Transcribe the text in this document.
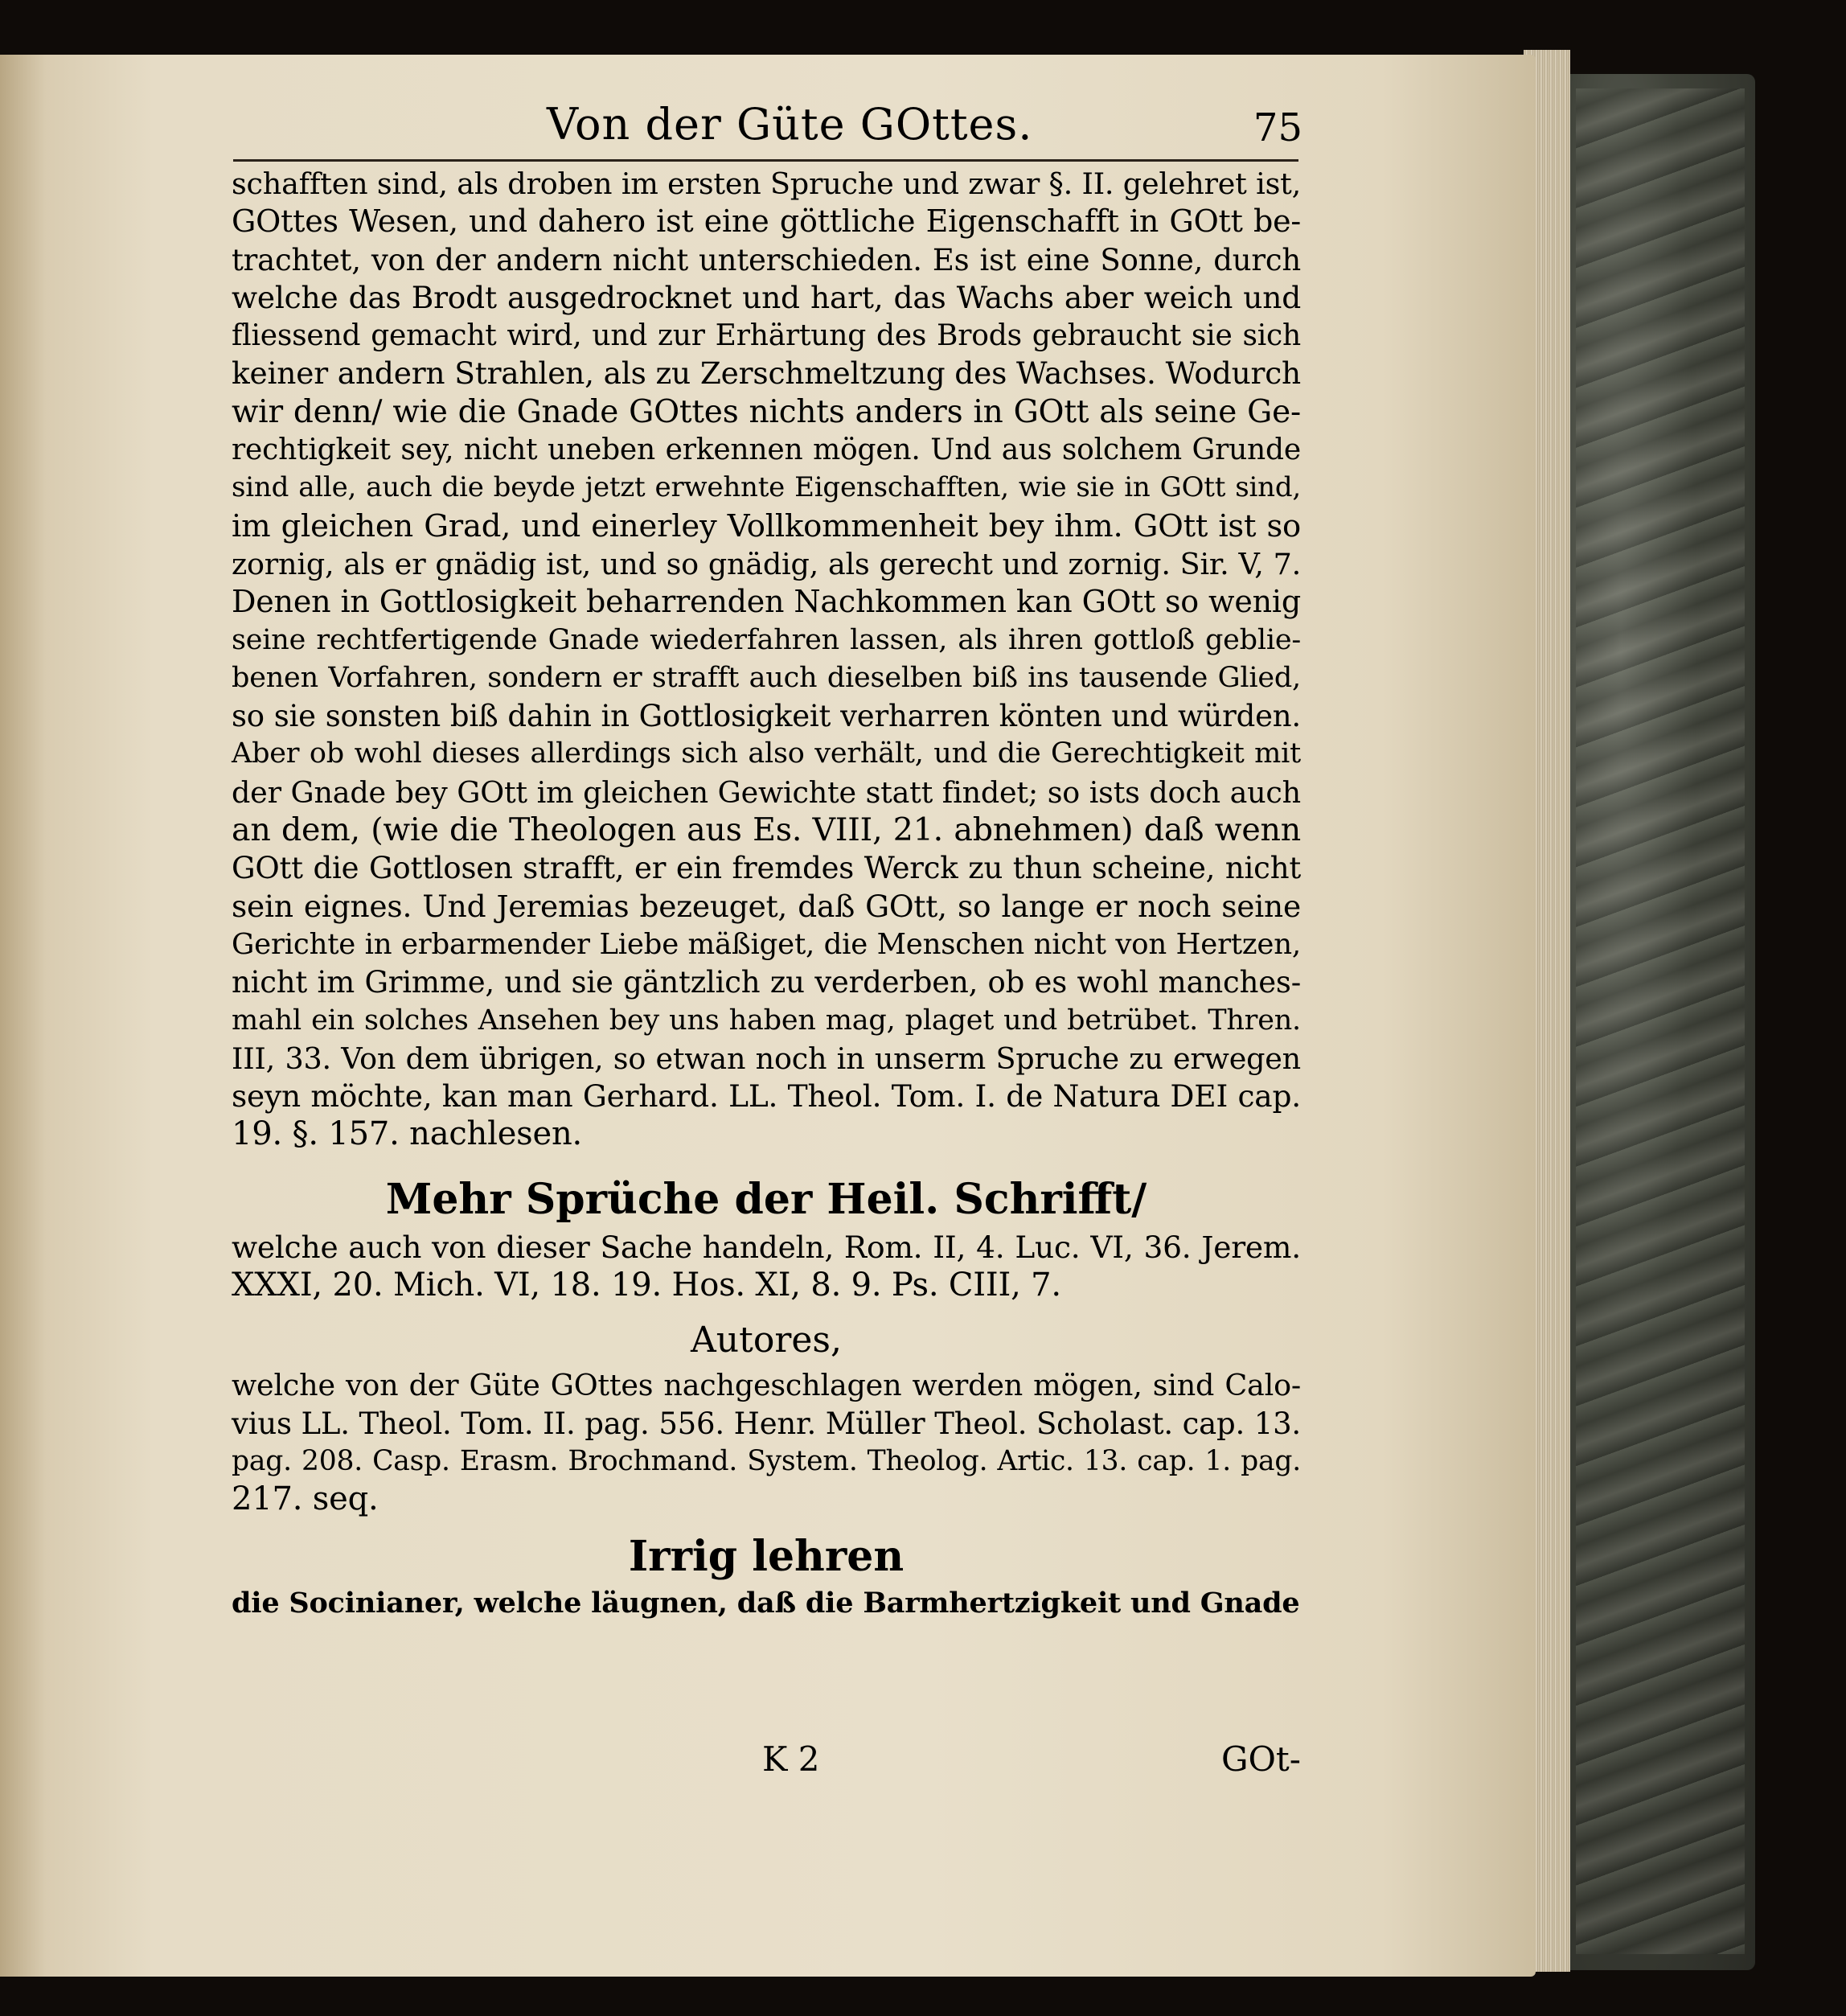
Von der Güte GOttes.	75
schafften sind, als droben im ersten Spruche und zwar §. II. gelehret ist,
GOttes Wesen, und dahero ist eine göttliche Eigenschafft in GOtt be-
trachtet, von der andern nicht unterschieden. Es ist eine Sonne, durch
welche das Brodt ausgedrocknet und hart, das Wachs aber weich und
fliessend gemacht wird, und zur Erhärtung des Brods gebraucht sie sich
keiner andern Strahlen, als zu Zerschmeltzung des Wachses. Wodurch
wir denn/ wie die Gnade GOttes nichts anders in GOtt als seine Ge-
rechtigkeit sey, nicht uneben erkennen mögen. Und aus solchem Grunde
sind alle, auch die beyde jetzt erwehnte Eigenschafften, wie sie in GOtt sind,
im gleichen Grad, und einerley Vollkommenheit bey ihm. GOtt ist so
zornig, als er gnädig ist, und so gnädig, als gerecht und zornig. Sir. V, 7.
Denen in Gottlosigkeit beharrenden Nachkommen kan GOtt so wenig
seine rechtfertigende Gnade wiederfahren lassen, als ihren gottloß geblie-
benen Vorfahren, sondern er strafft auch dieselben biß ins tausende Glied,
so sie sonsten biß dahin in Gottlosigkeit verharren könten und würden.
Aber ob wohl dieses allerdings sich also verhält, und die Gerechtigkeit mit
der Gnade bey GOtt im gleichen Gewichte statt findet; so ists doch auch
an dem, (wie die Theologen aus Es. VIII, 21. abnehmen) daß wenn
GOtt die Gottlosen strafft, er ein fremdes Werck zu thun scheine, nicht
sein eignes. Und Jeremias bezeuget, daß GOtt, so lange er noch seine
Gerichte in erbarmender Liebe mäßiget, die Menschen nicht von Hertzen,
nicht im Grimme, und sie gäntzlich zu verderben, ob es wohl manches-
mahl ein solches Ansehen bey uns haben mag, plaget und betrübet. Thren.
III, 33. Von dem übrigen, so etwan noch in unserm Spruche zu erwegen
seyn möchte, kan man Gerhard. LL. Theol. Tom. I. de Natura DEI cap.
19. §. 157. nachlesen.
Mehr Sprüche der Heil. Schrifft/
welche auch von dieser Sache handeln, Rom. II, 4. Luc. VI, 36. Jerem.
XXXI, 20. Mich. VI, 18. 19. Hos. XI, 8. 9. Ps. CIII, 7.
Autores,
welche von der Güte GOttes nachgeschlagen werden mögen, sind Calo-
vius LL. Theol. Tom. II. pag. 556. Henr. Müller Theol. Scholast. cap. 13.
pag. 208. Casp. Erasm. Brochmand. System. Theolog. Artic. 13. cap. 1. pag.
217. seq.
Irrig lehren
die Socinianer, welche läugnen, daß die Barmhertzigkeit und Gnade
K 2	GOt-
